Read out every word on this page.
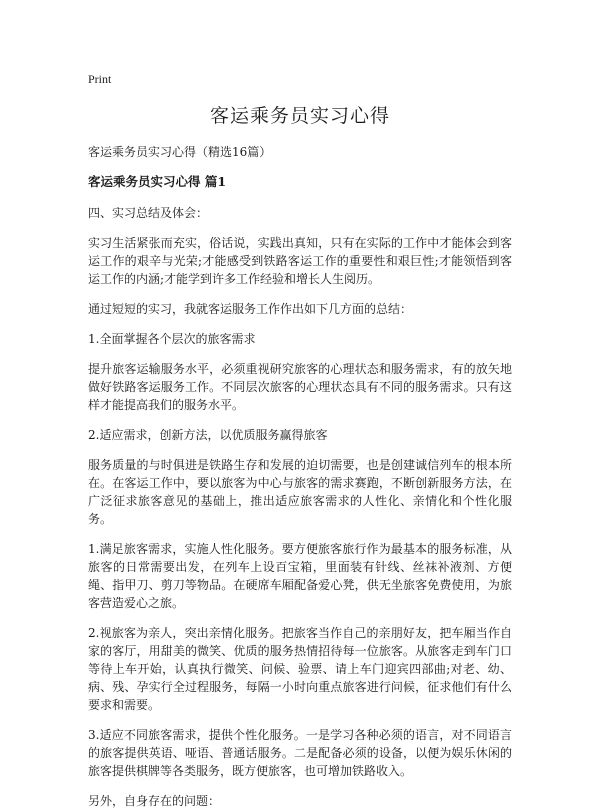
Print
客运乘务员实习心得

客运乘务员实习心得（精选16篇）

客运乘务员实习心得 篇1

四、实习总结及体会：

实习生活紧张而充实，俗话说，实践出真知，只有在实际的工作中才能体会到客运工作的艰辛与光荣;才能感受到铁路客运工作的重要性和艰巨性;才能领悟到客运工作的内涵;才能学到许多工作经验和增长人生阅历。

通过短短的实习，我就客运服务工作作出如下几方面的总结：

1.全面掌握各个层次的旅客需求

提升旅客运输服务水平，必须重视研究旅客的心理状态和服务需求，有的放矢地做好铁路客运服务工作。不同层次旅客的心理状态具有不同的服务需求。只有这样才能提高我们的服务水平。

2.适应需求，创新方法，以优质服务赢得旅客

服务质量的与时俱进是铁路生存和发展的迫切需要，也是创建诚信列车的根本所在。在客运工作中，要以旅客为中心与旅客的需求赛跑，不断创新服务方法，在广泛征求旅客意见的基础上，推出适应旅客需求的人性化、亲情化和个性化服务。

1.满足旅客需求，实施人性化服务。要方便旅客旅行作为最基本的服务标准，从旅客的日常需要出发，在列车上设百宝箱，里面装有针线、丝袜补液剂、方便绳、指甲刀、剪刀等物品。在硬席车厢配备爱心凳，供无坐旅客免费使用，为旅客营造爱心之旅。

2.视旅客为亲人，突出亲情化服务。把旅客当作自己的亲朋好友，把车厢当作自家的客厅，用甜美的微笑、优质的服务热情招待每一位旅客。从旅客走到车门口等待上车开始，认真执行微笑、问候、验票、请上车门迎宾四部曲;对老、幼、病、残、孕实行全过程服务，每隔一小时向重点旅客进行问候，征求他们有什么要求和需要。

3.适应不同旅客需求，提供个性化服务。一是学习各种必须的语言，对不同语言的旅客提供英语、哑语、普通话服务。二是配备必须的设备，以便为娱乐休闲的旅客提供棋牌等各类服务，既方便旅客，也可增加铁路收入。

另外，自身存在的问题：
